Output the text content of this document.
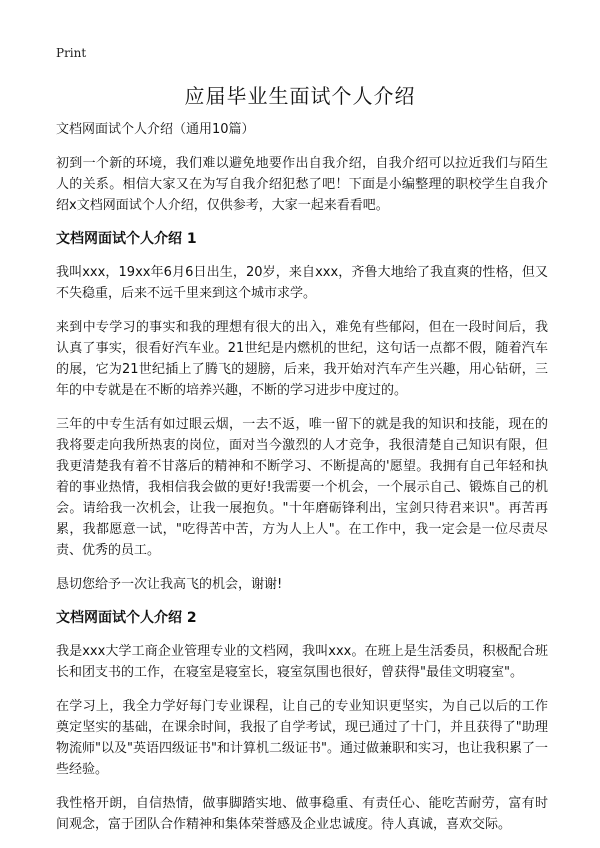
Print
应届毕业生面试个人介绍

文档网面试个人介绍（通用10篇）

初到一个新的环境，我们难以避免地要作出自我介绍，自我介绍可以拉近我们与陌生人的关系。相信大家又在为写自我介绍犯愁了吧！下面是小编整理的职校学生自我介绍x文档网面试个人介绍，仅供参考，大家一起来看看吧。

文档网面试个人介绍 1

我叫xxx，19xx年6月6日出生，20岁，来自xxx，齐鲁大地给了我直爽的性格，但又不失稳重，后来不远千里来到这个城市求学。

来到中专学习的事实和我的理想有很大的出入，难免有些郁闷，但在一段时间后，我认真了事实，很看好汽车业。21世纪是内燃机的世纪，这句话一点都不假，随着汽车的展，它为21世纪插上了腾飞的翅膀，后来，我开始对汽车产生兴趣，用心钻研，三年的中专就是在不断的培养兴趣，不断的学习进步中度过的。

三年的中专生活有如过眼云烟，一去不返，唯一留下的就是我的知识和技能，现在的我将要走向我所热衷的岗位，面对当今激烈的人才竞争，我很清楚自己知识有限，但我更清楚我有着不甘落后的精神和不断学习、不断提高的'愿望。我拥有自己年轻和执着的事业热情，我相信我会做的更好!我需要一个机会，一个展示自己、锻炼自己的机会。请给我一次机会，让我一展抱负。"十年磨砺锋利出，宝剑只待君来识"。再苦再累，我都愿意一试，"吃得苦中苦，方为人上人"。在工作中，我一定会是一位尽责尽责、优秀的员工。

恳切您给予一次让我高飞的机会，谢谢!

文档网面试个人介绍 2

我是xxx大学工商企业管理专业的文档网，我叫xxx。在班上是生活委员，积极配合班长和团支书的工作，在寝室是寝室长，寝室氛围也很好，曾获得"最佳文明寝室"。

在学习上，我全力学好每门专业课程，让自己的专业知识更坚实，为自己以后的工作奠定坚实的基础，在课余时间，我报了自学考试，现已通过了十门，并且获得了"助理物流师"以及"英语四级证书"和计算机二级证书"。通过做兼职和实习，也让我积累了一些经验。

我性格开朗，自信热情，做事脚踏实地、做事稳重、有责任心、能吃苦耐劳，富有时间观念，富于团队合作精神和集体荣誉感及企业忠诚度。待人真诚，喜欢交际。
